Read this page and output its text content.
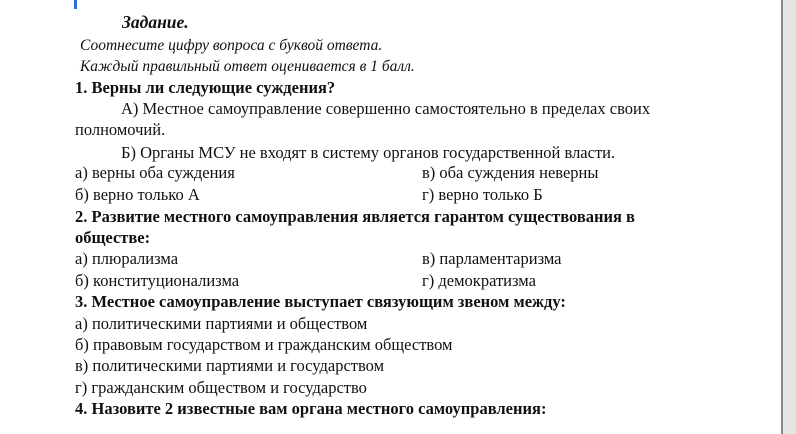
Задание.
Соотнесите цифру вопроса с буквой ответа.
Каждый правильный ответ оценивается в 1 балл.
1. Верны ли следующие суждения?
А) Местное самоуправление совершенно самостоятельно в пределах своих
полномочий.
Б) Органы МСУ не входят в систему органов государственной власти.
а) верны оба суждения	в) оба суждения неверны
б) верно только А	г) верно только Б
2. Развитие местного самоуправления является гарантом существования в
обществе:
а) плюрализма	в) парламентаризма
б) конституционализма	г) демократизма
3. Местное самоуправление выступает связующим звеном между:
а) политическими партиями и обществом
б) правовым государством и гражданским обществом
в) политическими партиями и государством
г) гражданским обществом и государство
4. Назовите 2 известные вам органа местного самоуправления:
